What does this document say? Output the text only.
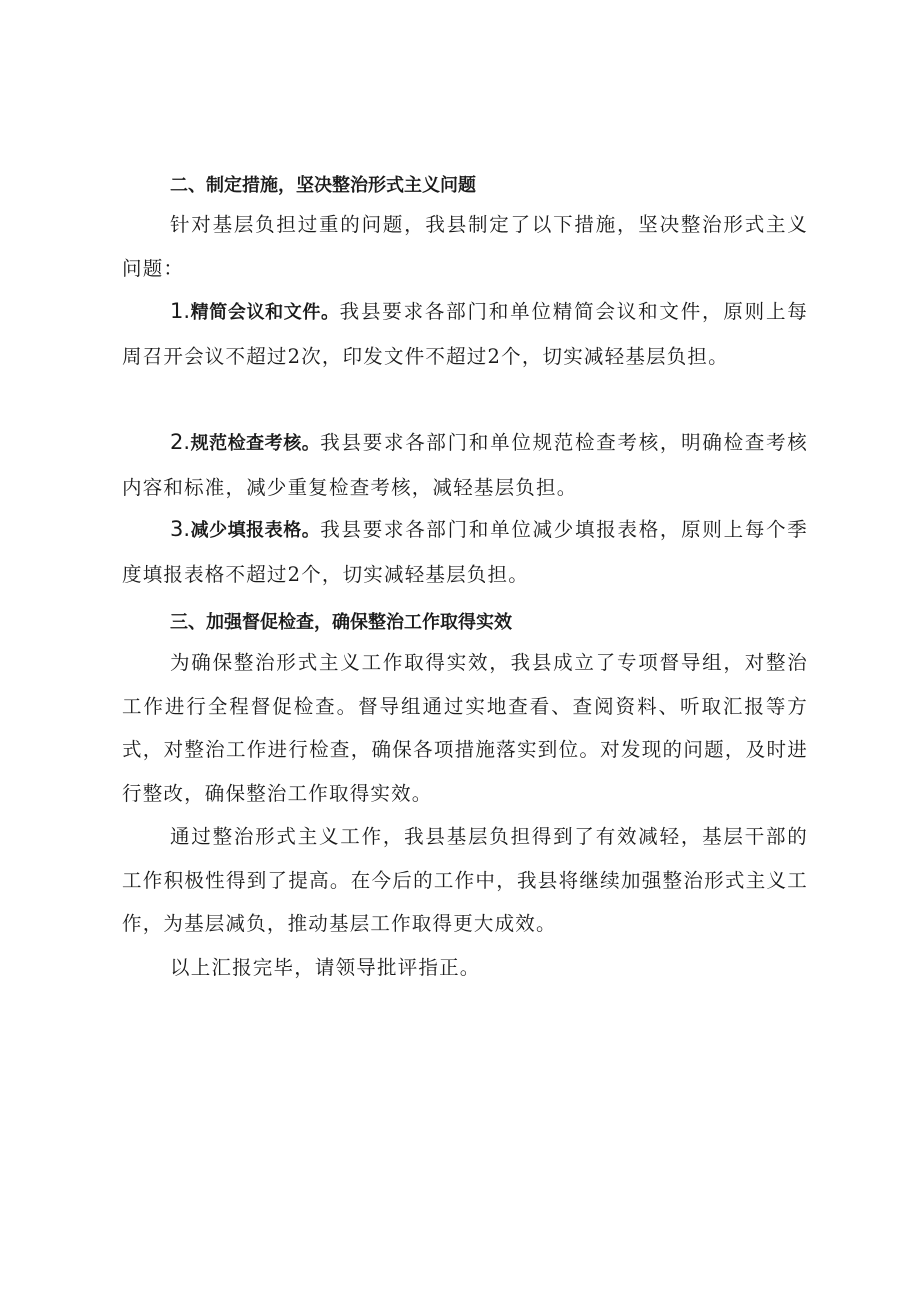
二、制定措施，坚决整治形式主义问题

针对基层负担过重的问题，我县制定了以下措施，坚决整治形式主义问题：

1.精简会议和文件。我县要求各部门和单位精简会议和文件，原则上每周召开会议不超过2次，印发文件不超过2个，切实减轻基层负担。

2.规范检查考核。我县要求各部门和单位规范检查考核，明确检查考核内容和标准，减少重复检查考核，减轻基层负担。

3.减少填报表格。我县要求各部门和单位减少填报表格，原则上每个季度填报表格不超过2个，切实减轻基层负担。

三、加强督促检查，确保整治工作取得实效

为确保整治形式主义工作取得实效，我县成立了专项督导组，对整治工作进行全程督促检查。督导组通过实地查看、查阅资料、听取汇报等方式，对整治工作进行检查，确保各项措施落实到位。对发现的问题，及时进行整改，确保整治工作取得实效。

通过整治形式主义工作，我县基层负担得到了有效减轻，基层干部的工作积极性得到了提高。在今后的工作中，我县将继续加强整治形式主义工作，为基层减负，推动基层工作取得更大成效。

以上汇报完毕，请领导批评指正。
